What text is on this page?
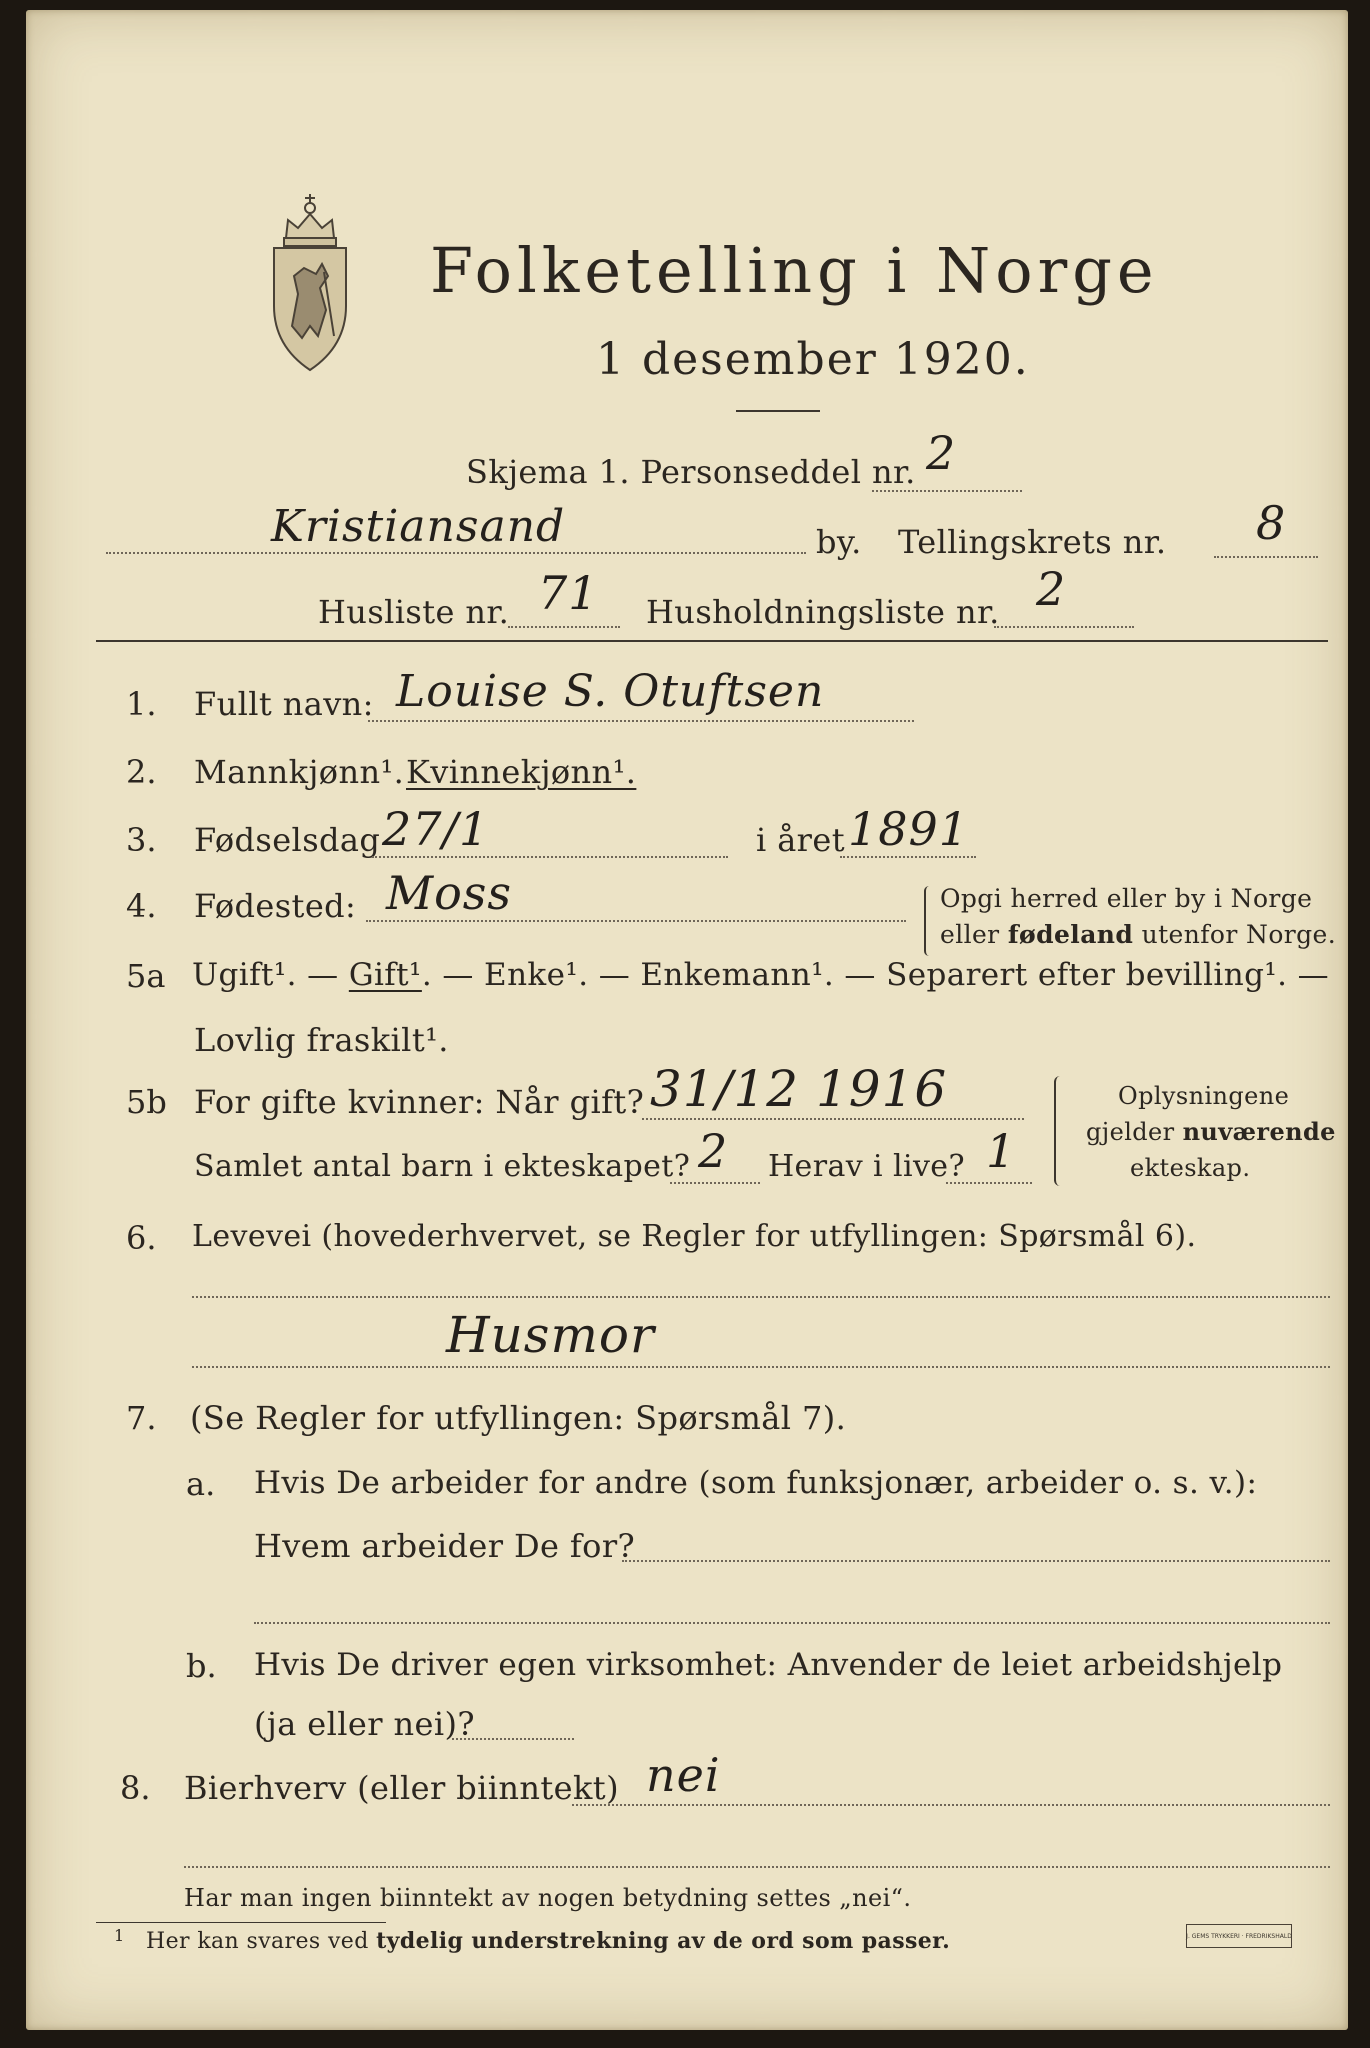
Folketelling i Norge
1 desember 1920.
Skjema 1. Personseddel nr. 2
Kristiansand	by. Tellingskrets nr. 8
Husliste nr. 71 Husholdningsliste nr. 2
1. Fullt navn: Louise S. Otuftsen
2. Mannkjønn¹. Kvinnekjønn¹.
3. Fødselsdag 27/1	i året 1891
4. Fødested: Moss	Opgi herred eller by i Norge
eller fødeland utenfor Norge.
5a Ugift¹. — Gift¹. — Enke¹. — Enkemann¹. — Separert efter bevilling¹. —
Lovlig fraskilt¹.
5b For gifte kvinner: Når gift? 31/12 1916
Samlet antal barn i ekteskapet? 2 Herav i live? 1
Oplysningene
gjelder nuværende
ekteskap.
6. Levevei (hovederhvervet, se Regler for utfyllingen: Spørsmål 6).
Husmor
7. (Se Regler for utfyllingen: Spørsmål 7).
a. Hvis De arbeider for andre (som funksjonær, arbeider o. s. v.):
Hvem arbeider De for?
b. Hvis De driver egen virksomhet: Anvender de leiet arbeidshjelp
(ja eller nei)?
8. Bierhverv (eller biinntekt) nei
Har man ingen biinntekt av nogen betydning settes „nei“.
1 Her kan svares ved tydelig understrekning av de ord som passer.	J. GEMS TRYKKERI · FREDRIKSHALD
